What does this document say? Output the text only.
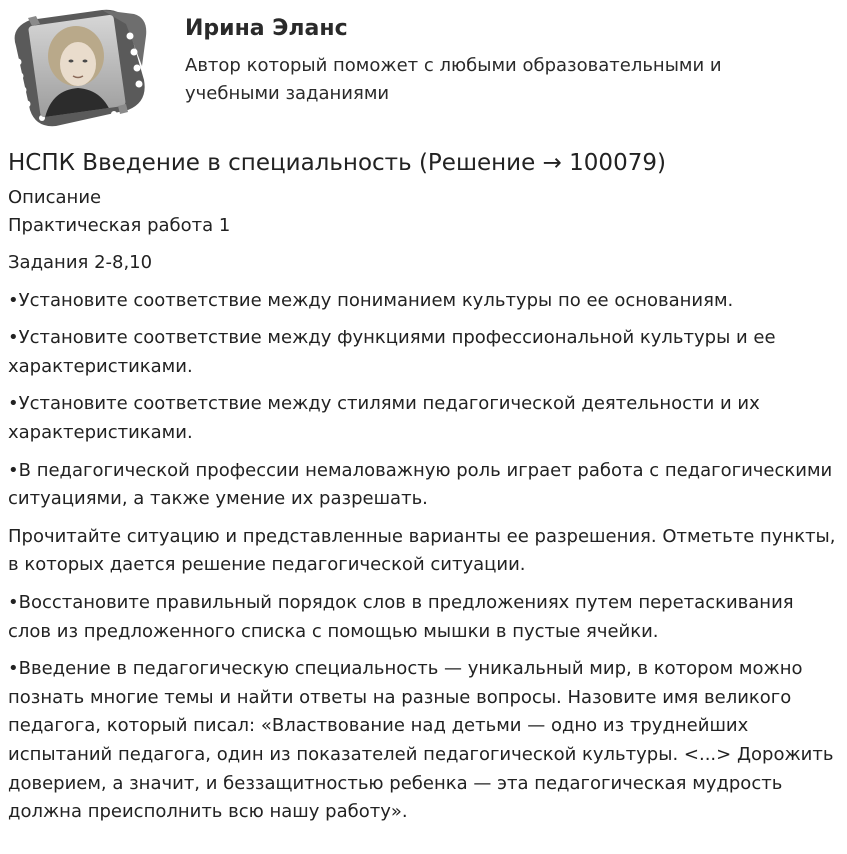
Ирина Эланс
Автор который поможет с любыми образовательными и учебными заданиями
НСПК Введение в специальность (Решение → 100079)

Описание

Практическая работа 1

Задания 2-8,10

•Установите соответствие между пониманием культуры по ее основаниям.

•Установите соответствие между функциями профессиональной культуры и ее характеристиками.

•Установите соответствие между стилями педагогической деятельности и их характеристиками.

•В педагогической профессии немаловажную роль играет работа с педагогическими ситуациями, а также умение их разрешать.

Прочитайте ситуацию и представленные варианты ее разрешения. Отметьте пункты, в которых дается решение педагогической ситуации.

•Восстановите правильный порядок слов в предложениях путем перетаскивания слов из предложенного списка с помощью мышки в пустые ячейки.

•Введение в педагогическую специальность — уникальный мир, в котором можно познать многие темы и найти ответы на разные вопросы. Назовите имя великого педагога, который писал: «Властвование над детьми — одно из труднейших испытаний педагога, один из показателей педагогической культуры. <...> Дорожить доверием, а значит, и беззащитностью ребенка — эта педагогическая мудрость должна преисполнить всю нашу работу».
